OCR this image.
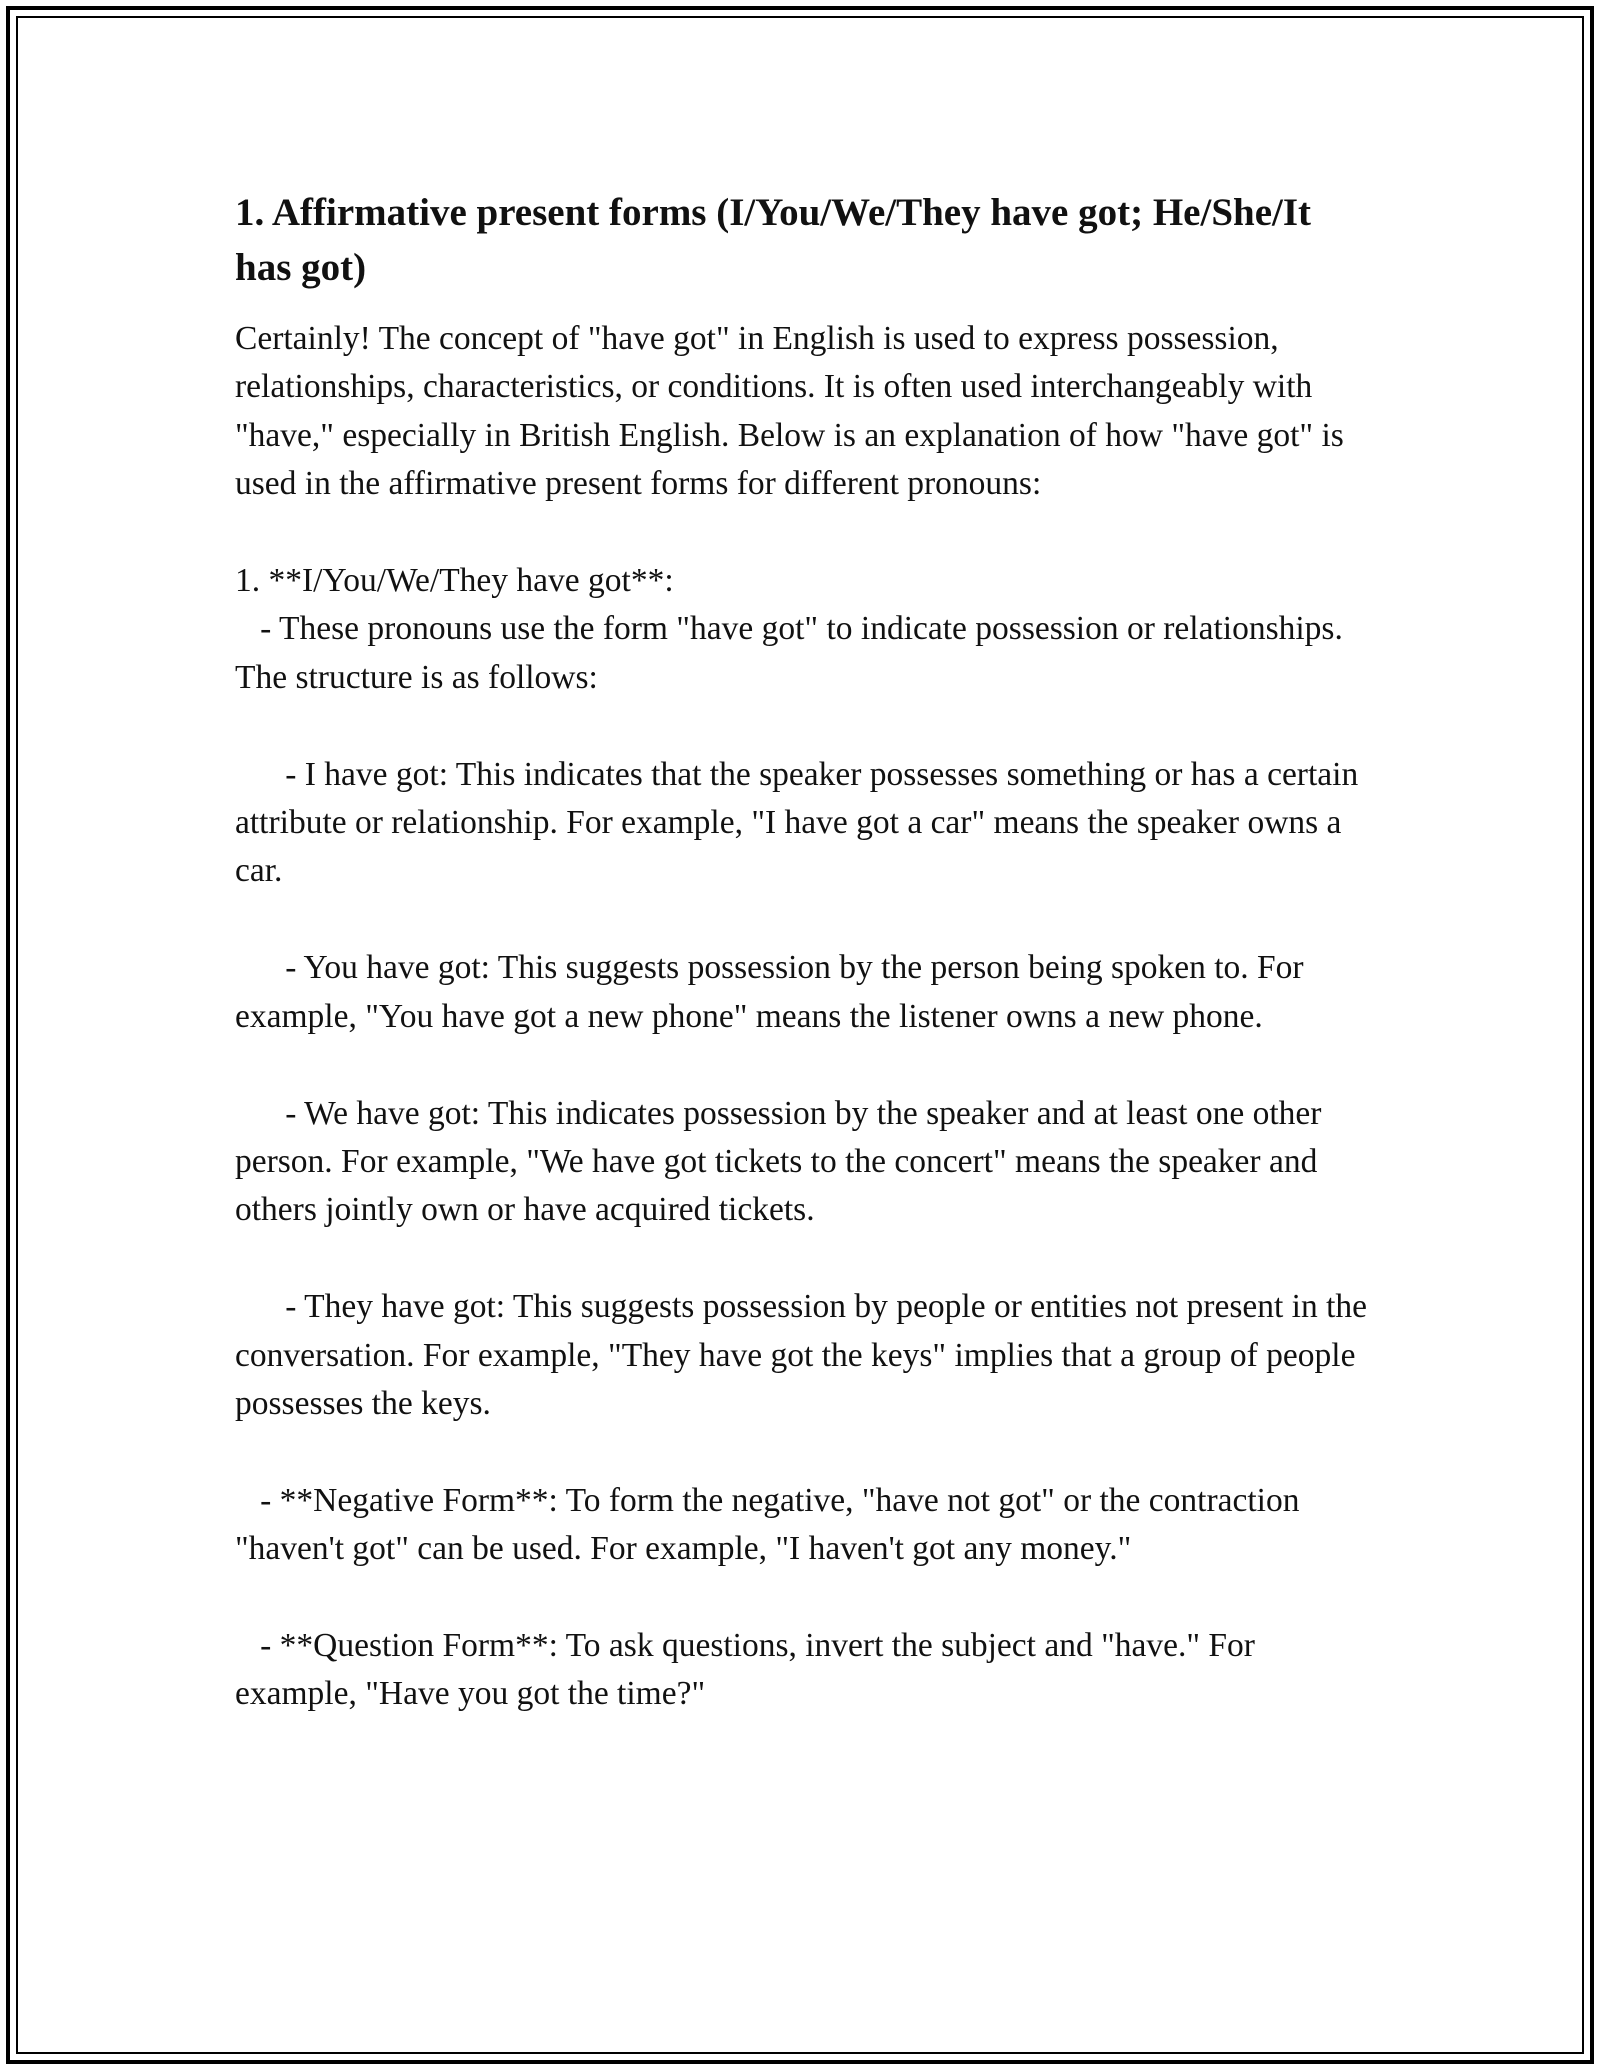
1. Affirmative present forms (I/You/We/They have got; He/She/It has got)

Certainly! The concept of "have got" in English is used to express possession, relationships, characteristics, or conditions. It is often used interchangeably with "have," especially in British English. Below is an explanation of how "have got" is used in the affirmative present forms for different pronouns:

1. **I/You/We/They have got**:
- These pronouns use the form "have got" to indicate possession or relationships. The structure is as follows:

- I have got: This indicates that the speaker possesses something or has a certain attribute or relationship. For example, "I have got a car" means the speaker owns a car.

- You have got: This suggests possession by the person being spoken to. For example, "You have got a new phone" means the listener owns a new phone.

- We have got: This indicates possession by the speaker and at least one other person. For example, "We have got tickets to the concert" means the speaker and others jointly own or have acquired tickets.

- They have got: This suggests possession by people or entities not present in the conversation. For example, "They have got the keys" implies that a group of people possesses the keys.

- **Negative Form**: To form the negative, "have not got" or the contraction "haven't got" can be used. For example, "I haven't got any money."

- **Question Form**: To ask questions, invert the subject and "have." For example, "Have you got the time?"
